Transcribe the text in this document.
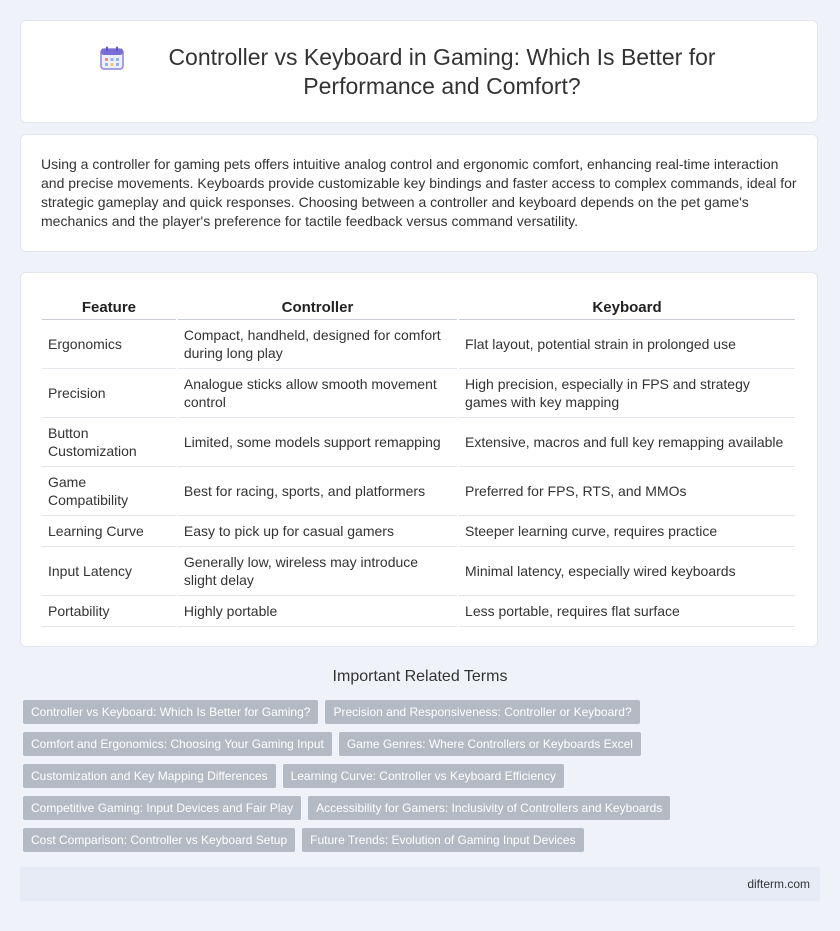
Controller vs Keyboard in Gaming: Which Is Better for Performance and Comfort?

Using a controller for gaming pets offers intuitive analog control and ergonomic comfort, enhancing real-time interaction and precise movements. Keyboards provide customizable key bindings and faster access to complex commands, ideal for strategic gameplay and quick responses. Choosing between a controller and keyboard depends on the pet game's mechanics and the player's preference for tactile feedback versus command versatility.

Feature	Controller	Keyboard
Ergonomics	Compact, handheld, designed for comfort during long play	Flat layout, potential strain in prolonged use
Precision	Analogue sticks allow smooth movement control	High precision, especially in FPS and strategy games with key mapping
Button Customization	Limited, some models support remapping	Extensive, macros and full key remapping available
Game Compatibility	Best for racing, sports, and platformers	Preferred for FPS, RTS, and MMOs
Learning Curve	Easy to pick up for casual gamers	Steeper learning curve, requires practice
Input Latency	Generally low, wireless may introduce slight delay	Minimal latency, especially wired keyboards
Portability	Highly portable	Less portable, requires flat surface
Important Related Terms
Controller vs Keyboard: Which Is Better for Gaming?	Precision and Responsiveness: Controller or Keyboard?
Comfort and Ergonomics: Choosing Your Gaming Input	Game Genres: Where Controllers or Keyboards Excel
Customization and Key Mapping Differences	Learning Curve: Controller vs Keyboard Efficiency
Competitive Gaming: Input Devices and Fair Play	Accessibility for Gamers: Inclusivity of Controllers and Keyboards
Cost Comparison: Controller vs Keyboard Setup	Future Trends: Evolution of Gaming Input Devices
difterm.com
